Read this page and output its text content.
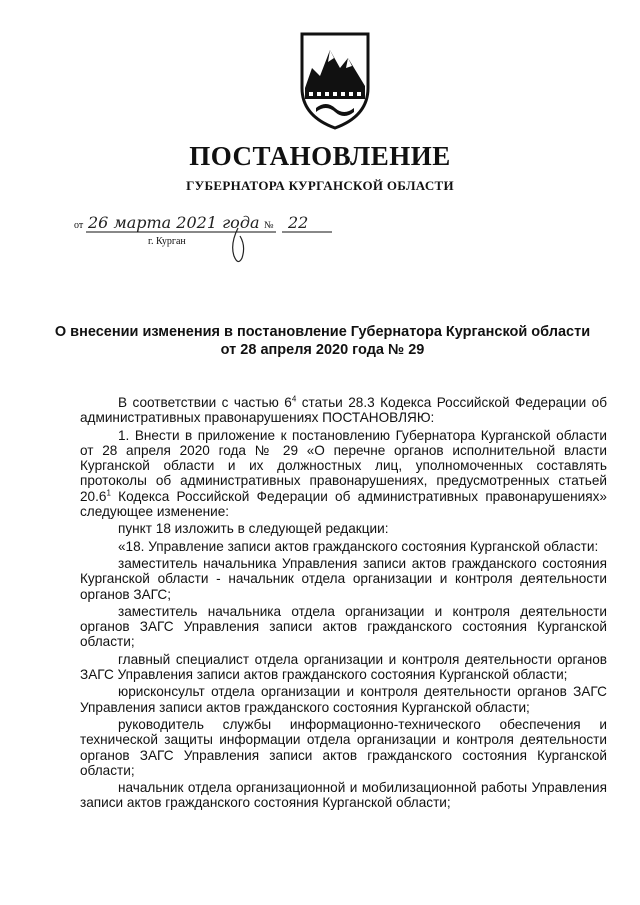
ПОСТАНОВЛЕНИЕ
ГУБЕРНАТОРА КУРГАНСКОЙ ОБЛАСТИ
от 26 марта 2021 года № 22
г. Курган
О внесении изменения в постановление Губернатора Курганской области
от 28 апреля 2020 года № 29

В соответствии с частью $6^4$ статьи 28.3 Кодекса Российской Федерации об административных правонарушениях ПОСТАНОВЛЯЮ:

1. Внести в приложение к постановлению Губернатора Курганской области от 28 апреля 2020 года № 29 «О перечне органов исполнительной власти Курганской области и их должностных лиц, уполномоченных составлять протоколы об административных правонарушениях, предусмотренных статьей 20.6$^1$ Кодекса Российской Федерации об административных правонарушениях» следующее изменение:

пункт 18 изложить в следующей редакции:

«18. Управление записи актов гражданского состояния Курганской области:

заместитель начальника Управления записи актов гражданского состояния Курганской области - начальник отдела организации и контроля деятельности органов ЗАГС;

заместитель начальника отдела организации и контроля деятельности органов ЗАГС Управления записи актов гражданского состояния Курганской области;

главный специалист отдела организации и контроля деятельности органов ЗАГС Управления записи актов гражданского состояния Курганской области;

юрисконсульт отдела организации и контроля деятельности органов ЗАГС Управления записи актов гражданского состояния Курганской области;

руководитель службы информационно-технического обеспечения и технической защиты информации отдела организации и контроля деятельности органов ЗАГС Управления записи актов гражданского состояния Курганской области;

начальник отдела организационной и мобилизационной работы Управления записи актов гражданского состояния Курганской области;
